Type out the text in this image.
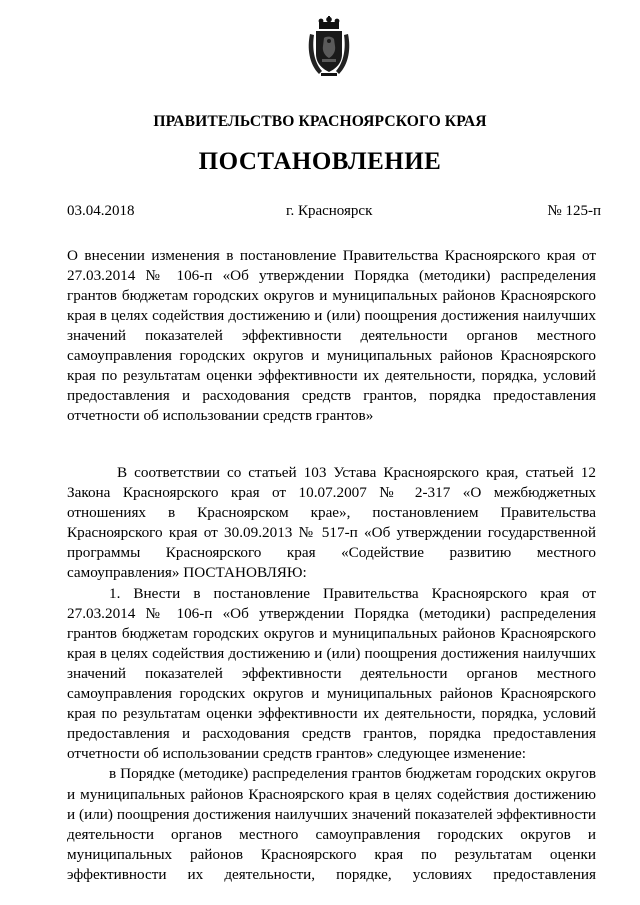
ПРАВИТЕЛЬСТВО КРАСНОЯРСКОГО КРАЯ
ПОСТАНОВЛЕНИЕ
03.04.2018	г. Красноярск	№ 125-п

О внесении изменения в постановление Правительства Красноярского края от 27.03.2014 № 106-п «Об утверждении Порядка (методики) распределения грантов бюджетам городских округов и муниципальных районов Красноярского края в целях содействия достижению и (или) поощрения достижения наилучших значений показателей эффективности деятельности органов местного самоуправления городских округов и муниципальных районов Красноярского края по результатам оценки эффективности их деятельности, порядка, условий предоставления и расходования средств грантов, порядка предоставления отчетности об использовании средств грантов»

В соответствии со статьей 103 Устава Красноярского края, статьей 12 Закона Красноярского края от 10.07.2007 № 2-317 «О межбюджетных отношениях в Красноярском крае», постановлением Правительства Красноярского края от 30.09.2013 № 517-п «Об утверждении государственной программы Красноярского края «Содействие развитию местного самоуправления» ПОСТАНОВЛЯЮ:

1. Внести в постановление Правительства Красноярского края от 27.03.2014 № 106-п «Об утверждении Порядка (методики) распределения грантов бюджетам городских округов и муниципальных районов Красноярского края в целях содействия достижению и (или) поощрения достижения наилучших значений показателей эффективности деятельности органов местного самоуправления городских округов и муниципальных районов Красноярского края по результатам оценки эффективности их деятельности, порядка, условий предоставления и расходования средств грантов, порядка предоставления отчетности об использовании средств грантов» следующее изменение:

в Порядке (методике) распределения грантов бюджетам городских округов и муниципальных районов Красноярского края в целях содействия достижению и (или) поощрения достижения наилучших значений показателей эффективности деятельности органов местного самоуправления городских округов и муниципальных районов Красноярского края по результатам оценки эффективности их деятельности, порядке, условиях предоставления
